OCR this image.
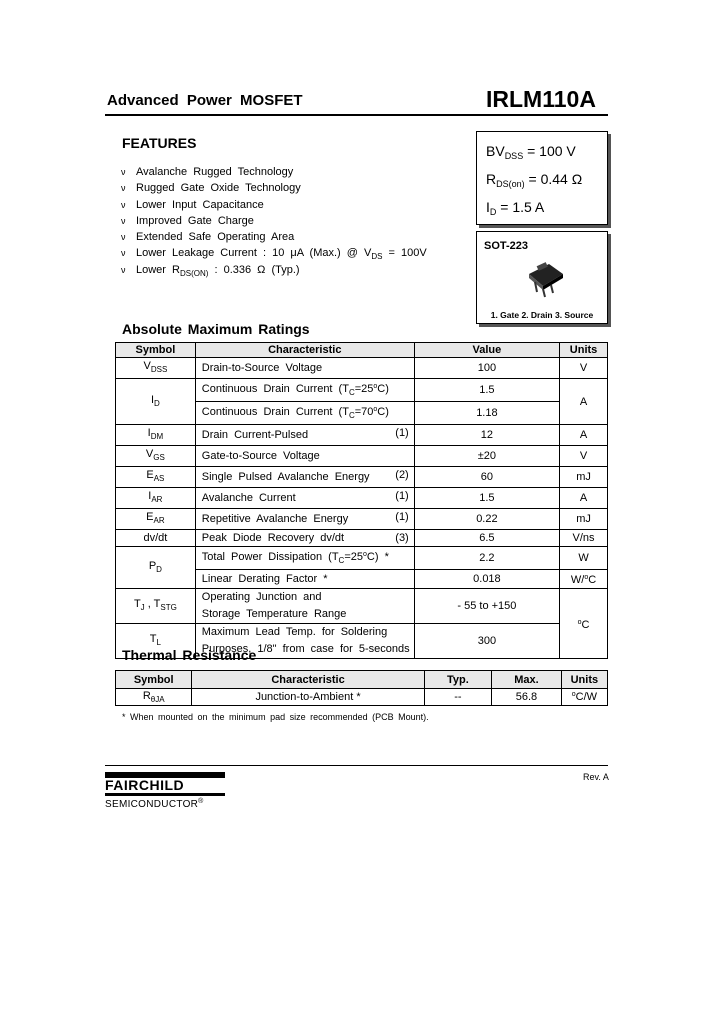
Advanced Power MOSFET	IRLM110A
FEATURES
ν Avalanche Rugged Technology
ν Rugged Gate Oxide Technology
ν Lower Input Capacitance
ν Improved Gate Charge
ν Extended Safe Operating Area
ν Lower Leakage Current : 10 μA (Max.) @ $V_{DS} = 100V$
ν Lower $R_{DS(ON)}$ : 0.336 Ω (Typ.)
$BV_{DSS} = 100$ V
$R_{DS(on)} = 0.44$ Ω
$I_D = 1.5$ A
SOT-223
1. Gate 2. Drain 3. Source
Absolute Maximum Ratings
Symbol	Characteristic	Value	Units
$V_{DSS}$	Drain-to-Source Voltage	100	V
$I_D$	Continuous Drain Current $(T_C=25^oC)$	1.5	A
	Continuous Drain Current $(T_C=70^oC)$	1.18	
$I_{DM}$	Drain Current-Pulsed (1)	12	A
$V_{GS}$	Gate-to-Source Voltage	±20	V
$E_{AS}$	Single Pulsed Avalanche Energy (2)	60	mJ
$I_{AR}$	Avalanche Current (1)	1.5	A
$E_{AR}$	Repetitive Avalanche Energy (1)	0.22	mJ
dv/dt	Peak Diode Recovery dv/dt (3)	6.5	V/ns
$P_D$	Total Power Dissipation $(T_C=25^oC)$ *	2.2	W
	Linear Derating Factor *	0.018	W/$^o$C
$T_J$ , $T_{STG}$	Operating Junction and
Storage Temperature Range	- 55 to +150	$^o$C
$T_L$	Maximum Lead Temp. for Soldering
Purposes, 1/8" from case for 5-seconds	300	
Thermal Resistance
Symbol	Characteristic	Typ.	Max.	Units
$R_{\theta JA}$	Junction-to-Ambient *	--	56.8	$^o$C/W
* When mounted on the minimum pad size recommended (PCB Mount).
FAIRCHILD
SEMICONDUCTOR®
Rev. A
